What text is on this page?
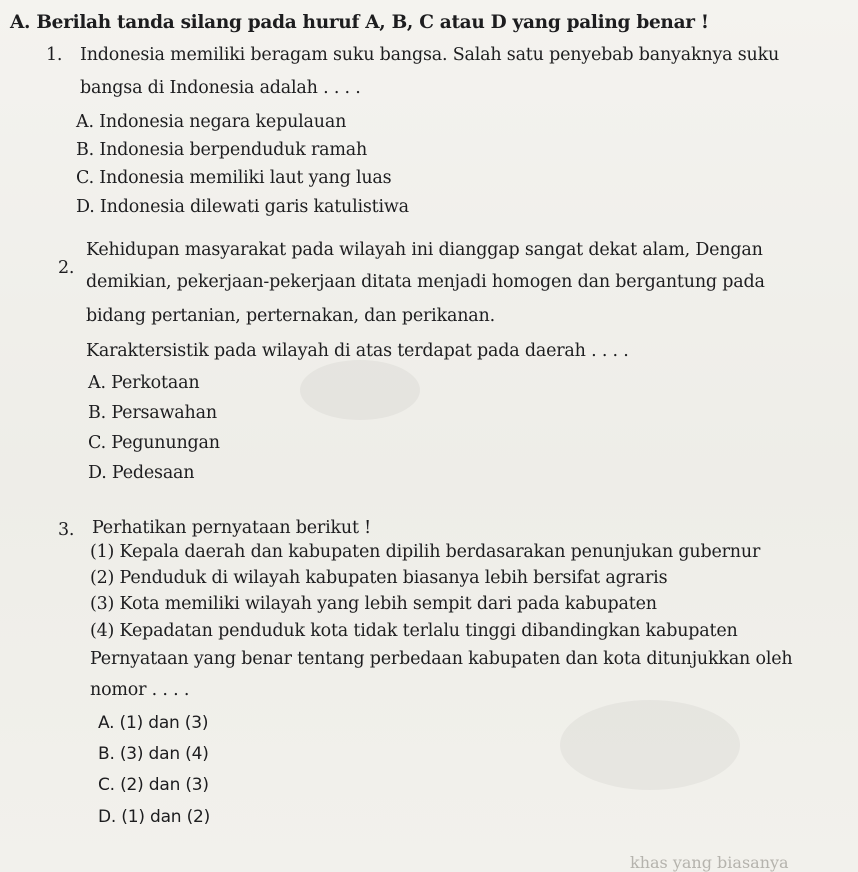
A. Berilah tanda silang pada huruf A, B, C atau D yang paling benar !
1. Indonesia memiliki beragam suku bangsa. Salah satu penyebab banyaknya suku
bangsa di Indonesia adalah . . . .
A. Indonesia negara kepulauan
B. Indonesia berpenduduk ramah
C. Indonesia memiliki laut yang luas
D. Indonesia dilewati garis katulistiwa
2.
Kehidupan masyarakat pada wilayah ini dianggap sangat dekat alam, Dengan
demikian, pekerjaan-pekerjaan ditata menjadi homogen dan bergantung pada
bidang pertanian, perternakan, dan perikanan.
Karaktersistik pada wilayah di atas terdapat pada daerah . . . .
A. Perkotaan
B. Persawahan
C. Pegunungan
D. Pedesaan
3. Perhatikan pernyataan berikut !
(1) Kepala daerah dan kabupaten dipilih berdasarakan penunjukan gubernur
(2) Penduduk di wilayah kabupaten biasanya lebih bersifat agraris
(3) Kota memiliki wilayah yang lebih sempit dari pada kabupaten
(4) Kepadatan penduduk kota tidak terlalu tinggi dibandingkan kabupaten
Pernyataan yang benar tentang perbedaan kabupaten dan kota ditunjukkan oleh
nomor . . . .
A. (1) dan (3)
B. (3) dan (4)
C. (2) dan (3)
D. (1) dan (2)
khas yang biasanya
